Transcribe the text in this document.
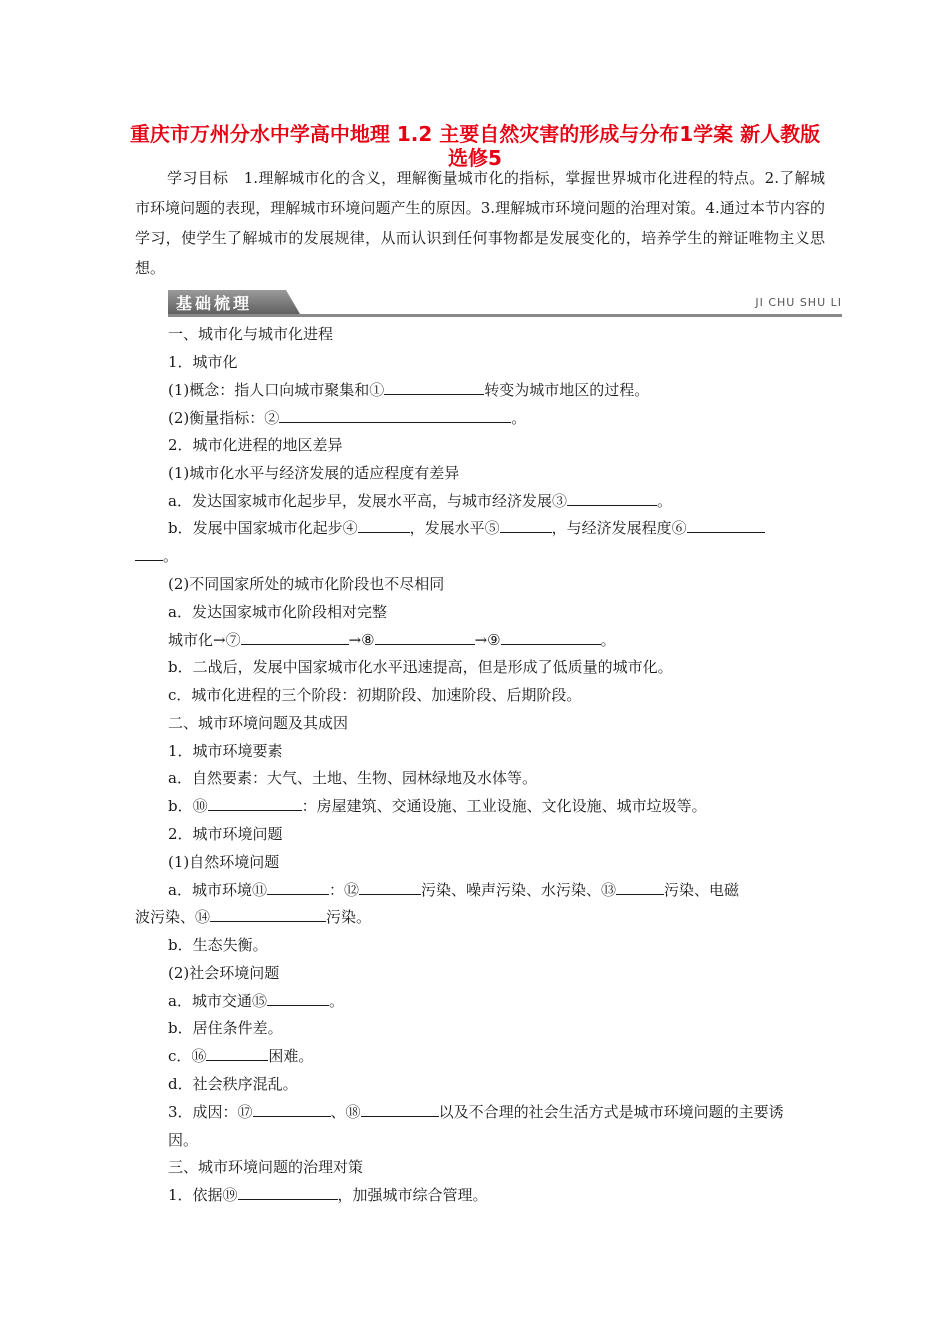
重庆市万州分水中学高中地理 1.2 主要自然灾害的形成与分布1学案 新人教版选修5

学习目标　1.理解城市化的含义，理解衡量城市化的指标，掌握世界城市化进程的特点。2.了解城市环境问题的表现，理解城市环境问题产生的原因。3.理解城市环境问题的治理对策。4.通过本节内容的学习，使学生了解城市的发展规律，从而认识到任何事物都是发展变化的，培养学生的辩证唯物主义思想。

基础梳理	JI CHU SHU LI

一、城市化与城市化进程

1．城市化

(1)概念：指人口向城市聚集和①	转变为城市地区的过程。

(2)衡量指标：②	。

2．城市化进程的地区差异

(1)城市化水平与经济发展的适应程度有差异

a．发达国家城市化起步早，发展水平高，与城市经济发展③	。

b．发展中国家城市化起步④	，发展水平⑤	，与经济发展程度⑥

。

(2)不同国家所处的城市化阶段也不尽相同

a．发达国家城市化阶段相对完整

城市化→⑦	→⑧	→⑨	。

b．二战后，发展中国家城市化水平迅速提高，但是形成了低质量的城市化。

c．城市化进程的三个阶段：初期阶段、加速阶段、后期阶段。

二、城市环境问题及其成因

1．城市环境要素

a．自然要素：大气、土地、生物、园林绿地及水体等。

b．⑩	：房屋建筑、交通设施、工业设施、文化设施、城市垃圾等。

2．城市环境问题

(1)自然环境问题

a．城市环境⑪	：⑫	污染、噪声污染、水污染、⑬	污染、电磁

波污染、⑭	污染。

b．生态失衡。

(2)社会环境问题

a．城市交通⑮	。

b．居住条件差。

c．⑯	困难。

d．社会秩序混乱。

3．成因：⑰	、⑱	以及不合理的社会生活方式是城市环境问题的主要诱因。

三、城市环境问题的治理对策

1．依据⑲	，加强城市综合管理。
